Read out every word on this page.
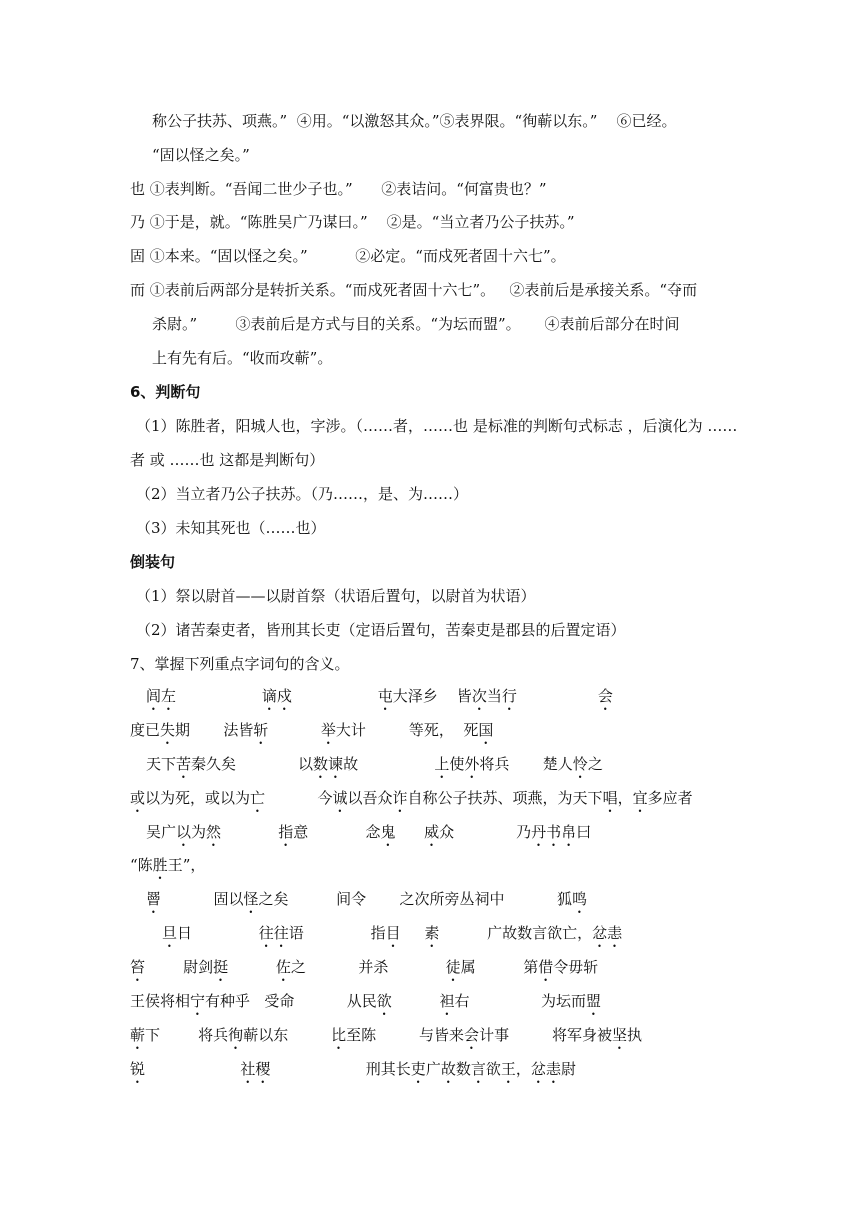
称公子扶苏、项燕。”  ④用。“以激怒其众。”⑤表界限。“徇蕲以东。”    ⑥已经。
“固以怪之矣。”
也 ①表判断。“吾闻二世少子也。”      ②表诘问。“何富贵也？”
乃 ①于是，就。“陈胜吴广乃谋曰。”    ②是。“当立者乃公子扶苏。”
固 ①本来。“固以怪之矣。”          ②必定。“而戍死者固十六七”。
而 ①表前后两部分是转折关系。“而戍死者固十六七”。   ②表前后是承接关系。“夺而
杀尉。”        ③表前后是方式与目的关系。“为坛而盟”。     ④表前后部分在时间
上有先有后。“收而攻蕲”。
6、判断句
（1）陈胜者，阳城人也，字涉。（……者，……也 是标准的判断句式标志 ，后演化为 ……
者 或 ……也 这都是判断句）
（2）当立者乃公子扶苏。（乃……，是、为……）
（3）未知其死也（……也）
倒装句
（1）祭以尉首——以尉首祭（状语后置句，以尉首为状语）
（2）诸苦秦吏者，皆刑其长吏（定语后置句，苦秦吏是郡县的后置定语）
7、掌握下列重点字词句的含义。
闾左	谪戍	屯大泽乡    皆次当行	会
度已失期       法皆斩	举大计         等死，  死国
天下苦秦久矣             以数谏故                上使外将兵       楚人怜之
或以为死，或以为亡           今诚以吾众诈自称公子扶苏、项燕，为天下唱，宜多应者
吴广以为然	指意            念鬼 威众             乃丹书帛曰
“陈胜王”，
罾           固以怪之矣          间令       之次所旁丛祠中           狐鸣
旦日              往往语              指目 素          广故数言欲亡，忿恚
笞        尉剑挺	佐之           并杀            徒属          第借令毋斩
王侯将相宁有种乎   受命           从民欲	袒右               为坛而盟
蕲下        将兵徇蕲以东         比至陈         与皆来会计事         将军身被坚执
锐	社稷                    刑其长吏广故数言欲王，忿恚尉
